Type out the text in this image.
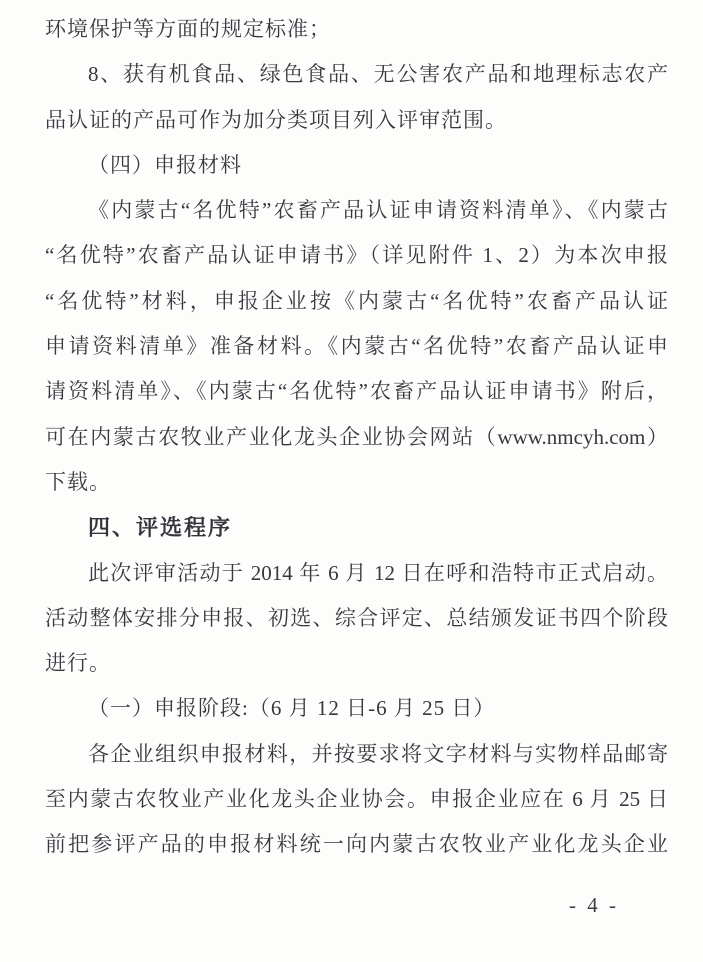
环境保护等方面的规定标准；
8、获有机食品、绿色食品、无公害农产品和地理标志农产
品认证的产品可作为加分类项目列入评审范围。
（四）申报材料
《内蒙古“名优特”农畜产品认证申请资料清单》、《内蒙古
“名优特”农畜产品认证申请书》（详见附件 1、2）为本次申报
“名优特”材料，申报企业按《内蒙古“名优特”农畜产品认证
申请资料清单》准备材料。《内蒙古“名优特”农畜产品认证申
请资料清单》、《内蒙古“名优特”农畜产品认证申请书》附后，
可在内蒙古农牧业产业化龙头企业协会网站（www.nmcyh.com）
下载。
四、评选程序
此次评审活动于 2014 年 6 月 12 日在呼和浩特市正式启动。
活动整体安排分申报、初选、综合评定、总结颁发证书四个阶段
进行。
（一）申报阶段:（6 月 12 日-6 月 25 日）
各企业组织申报材料，并按要求将文字材料与实物样品邮寄
至内蒙古农牧业产业化龙头企业协会。申报企业应在 6 月 25 日
前把参评产品的申报材料统一向内蒙古农牧业产业化龙头企业
- 4 -
